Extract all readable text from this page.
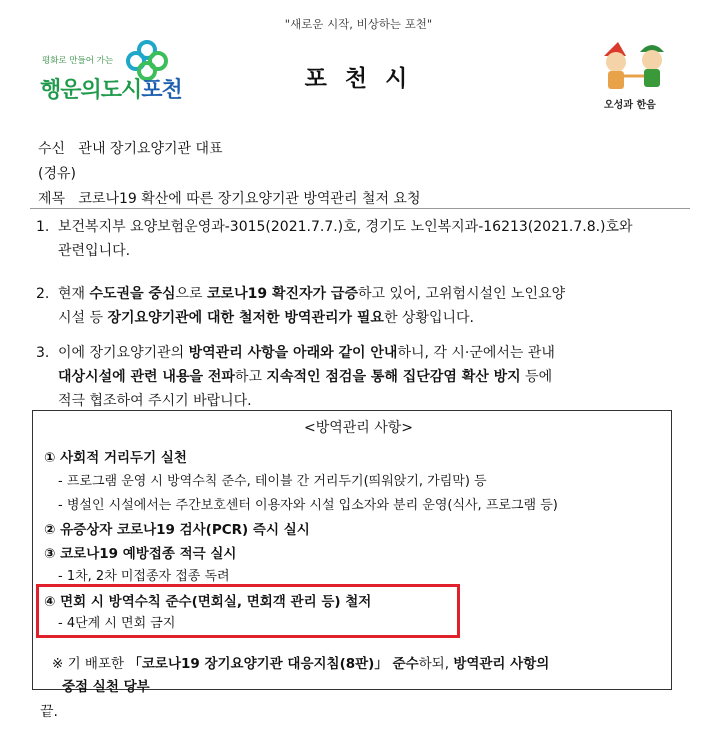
"새로운 시작, 비상하는 포천"
평화로 만들어 가는
행운의도시포천	포 천 시
오성과 한음
수신 관내 장기요양기관 대표
(경유)
제목 코로나19 확산에 따른 장기요양기관 방역관리 철저 요청
1. 보건복지부 요양보험운영과-3015(2021.7.7.)호, 경기도 노인복지과-16213(2021.7.8.)호와
관련입니다.
2. 현재 수도권을 중심으로 코로나19 확진자가 급증하고 있어, 고위험시설인 노인요양
시설 등 장기요양기관에 대한 철저한 방역관리가 필요한 상황입니다.
3. 이에 장기요양기관의 방역관리 사항을 아래와 같이 안내하니, 각 시·군에서는 관내
대상시설에 관련 내용을 전파하고 지속적인 점검을 통해 집단감염 확산 방지 등에
적극 협조하여 주시기 바랍니다.
<방역관리 사항>
① 사회적 거리두기 실천
- 프로그램 운영 시 방역수칙 준수, 테이블 간 거리두기(띄워앉기, 가림막) 등
- 병설인 시설에서는 주간보호센터 이용자와 시설 입소자와 분리 운영(식사, 프로그램 등)
② 유증상자 코로나19 검사(PCR) 즉시 실시
③ 코로나19 예방접종 적극 실시
- 1차, 2차 미접종자 접종 독려
④ 면회 시 방역수칙 준수(면회실, 면회객 관리 등) 철저
- 4단계 시 면회 금지
※ 기 배포한 「코로나19 장기요양기관 대응지침(8판)」 준수하되, 방역관리 사항의
중점 실천 당부
끝.
